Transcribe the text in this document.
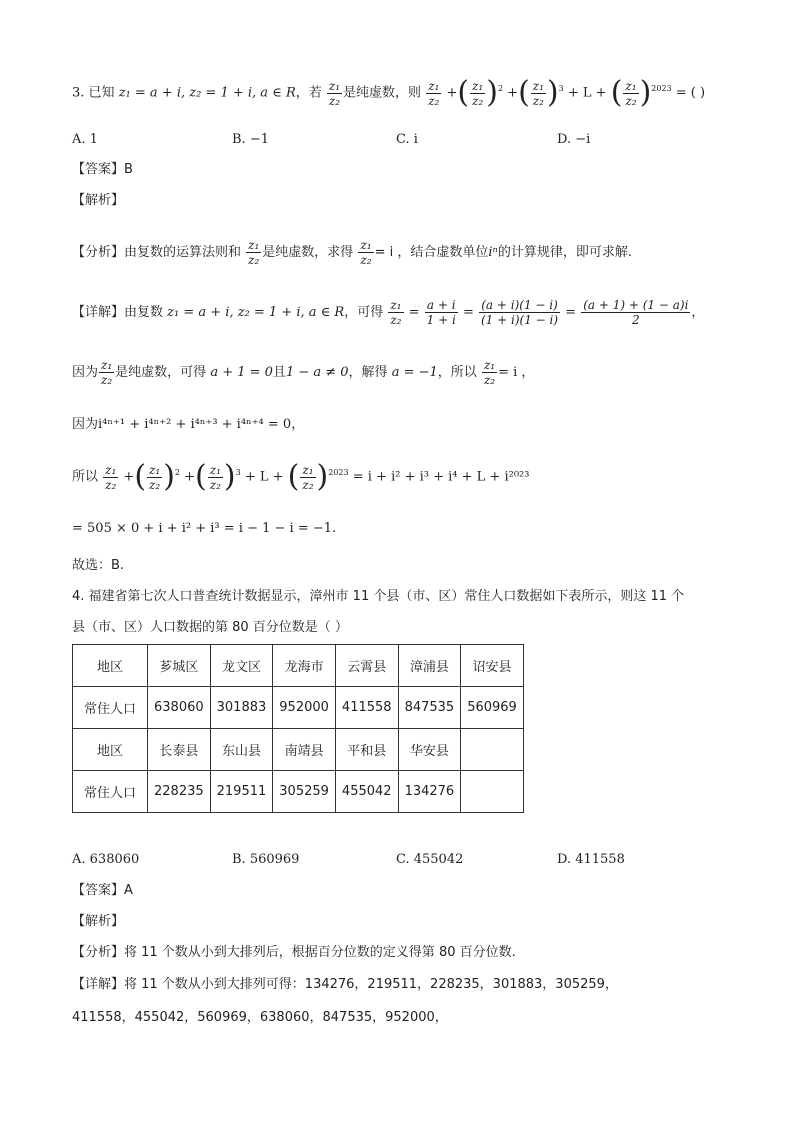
3. 已知 z₁ = a + i, z₂ = 1 + i, a ∈ R，若 $\frac{\text{z₁}}{\text{z₂}}$ 是纯虚数，则 $\frac{\text{z₁}}{\text{z₂}}$ +( $\frac{\text{z₁}}{\text{z₂}} )^2$ +( $\frac{\text{z₁}}{\text{z₂}} )^3 + L$ + ( $\frac{\text{z₁}}{\text{z₂}} )^{2023}$ = ( )
A. 1	B. −1	C. i	D. −i
【答案】B
【解析】
【分析】由复数的运算法则和 $\frac{\text{z₁}}{\text{z₂}}$ 是纯虚数，求得 $\frac{\text{z₁}}{\text{z₂}} = i$ ，结合虚数单位iⁿ的计算规律，即可求解.
【详解】由复数 z₁ = a + i, z₂ = 1 + i, a ∈ R，可得 $\frac{\text{z₁}}{\text{z₂}} = \frac{a + i}{1 + i} = \frac{(a + i)(1 - i)}{(1 + i)(1 - i)} = \frac{(a + 1) + (1 - a)i}{2}$ ，
因为 $\frac{\text{z₁}}{\text{z₂}}$ 是纯虚数，可得 a + 1 = 0且1 − a ≠ 0，解得 a = −1，所以 $\frac{\text{z₁}}{\text{z₂}} = i$ ，
因为i⁴ⁿ⁺¹ + i⁴ⁿ⁺² + i⁴ⁿ⁺³ + i⁴ⁿ⁺⁴ = 0，
所以 $\frac{\text{z₁}}{\text{z₂}}$ +( $\frac{\text{z₁}}{\text{z₂}} )^2$ +( $\frac{\text{z₁}}{\text{z₂}} )^3 + L$ + ( $\frac{\text{z₁}}{\text{z₂}} )^{2023} = i + i^2 + i^3 + i^4 + L + i^{2023}$
= 505 × 0 + i + i² + i³ = i − 1 − i = −1.
故选：B.
4. 福建省第七次人口普查统计数据显示，漳州市 11 个县（市、区）常住人口数据如下表所示，则这 11 个
县（市、区）人口数据的第 80 百分位数是（ ）
地区	芗城区	龙文区	龙海市	云霄县	漳浦县	诏安县
常住人口	638060	301883	952000	411558	847535	560969
地区	长泰县	东山县	南靖县	平和县	华安县	
常住人口	228235	219511	305259	455042	134276	
A. 638060	B. 560969	C. 455042	D. 411558
【答案】A
【解析】
【分析】将 11 个数从小到大排列后，根据百分位数的定义得第 80 百分位数.
【详解】将 11 个数从小到大排列可得：134276，219511，228235，301883，305259，
411558，455042，560969，638060，847535，952000，
